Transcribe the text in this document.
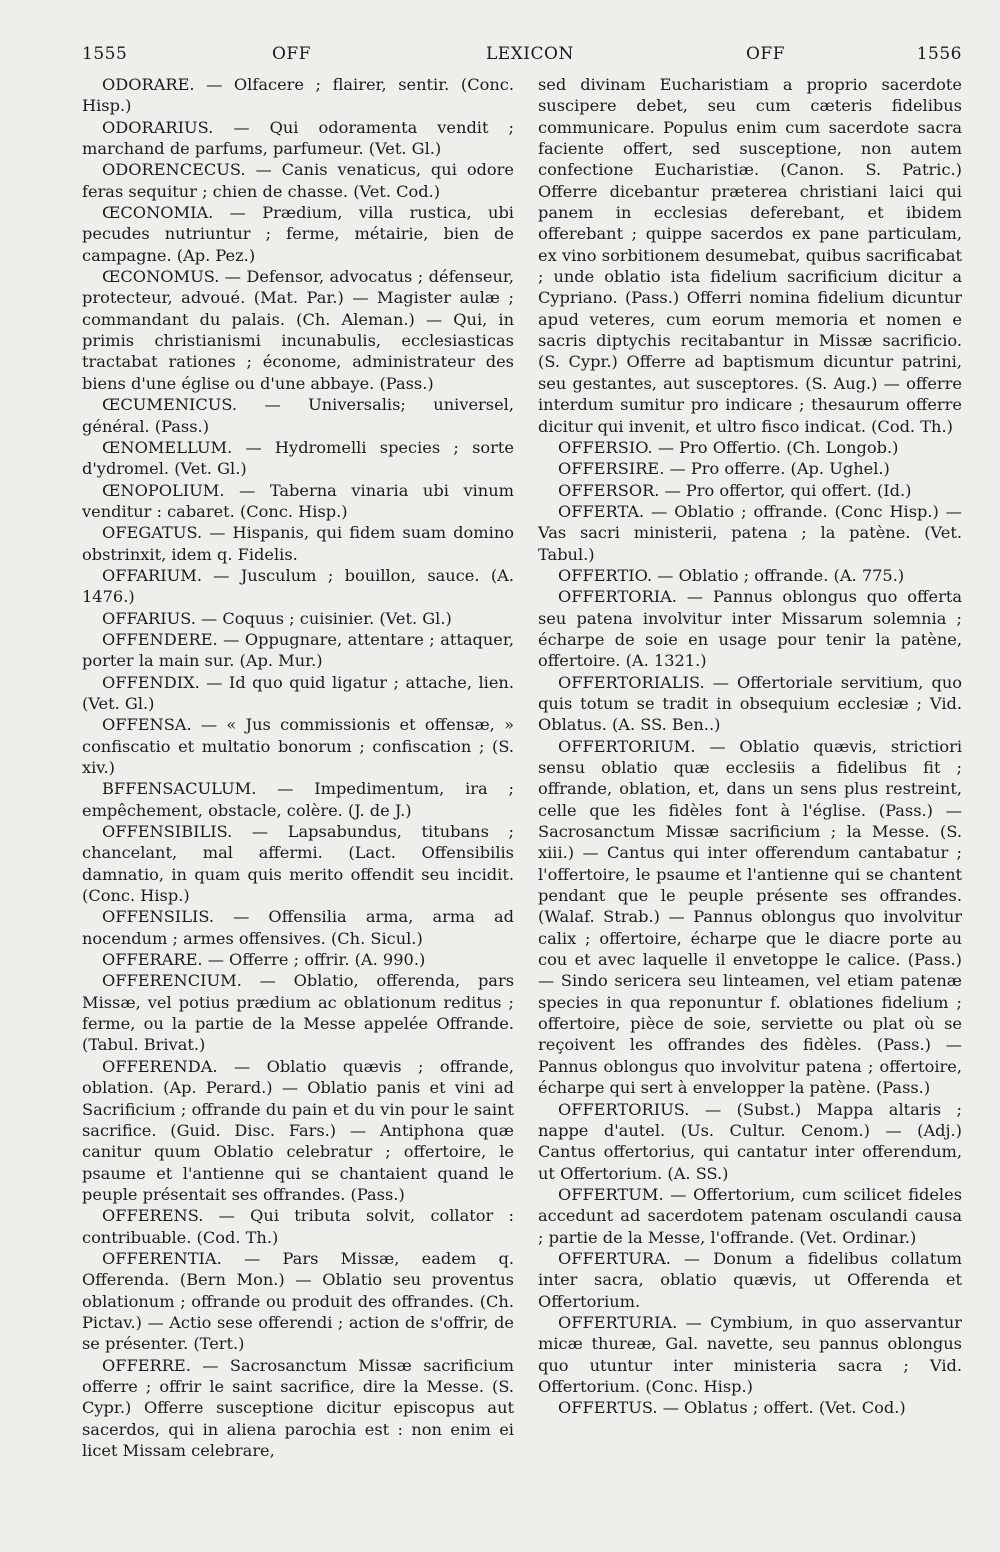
1555	OFF	LEXICON	OFF	1556

ODORARE. — Olfacere ; flairer, sentir. (Conc. Hisp.)

ODORARIUS. — Qui odoramenta vendit ; marchand de parfums, parfumeur. (Vet. Gl.)

ODORENCECUS. — Canis venaticus, qui odore feras sequitur ; chien de chasse. (Vet. Cod.)

ŒCONOMIA. — Prædium, villa rustica, ubi pecudes nutriuntur ; ferme, métairie, bien de campagne. (Ap. Pez.)

ŒCONOMUS. — Defensor, advocatus ; défenseur, protecteur, advoué. (Mat. Par.) — Magister aulæ ; commandant du palais. (Ch. Aleman.) — Qui, in primis christianismi incunabulis, ecclesiasticas tractabat rationes ; économe, administrateur des biens d'une église ou d'une abbaye. (Pass.)

ŒCUMENICUS. — Universalis; universel, général. (Pass.)

ŒNOMELLUM. — Hydromelli species ; sorte d'ydromel. (Vet. Gl.)

ŒNOPOLIUM. — Taberna vinaria ubi vinum venditur : cabaret. (Conc. Hisp.)

OFEGATUS. — Hispanis, qui fidem suam domino obstrinxit, idem q. Fidelis.

OFFARIUM. — Jusculum ; bouillon, sauce. (A. 1476.)

OFFARIUS. — Coquus ; cuisinier. (Vet. Gl.)

OFFENDERE. — Oppugnare, attentare ; attaquer, porter la main sur. (Ap. Mur.)

OFFENDIX. — Id quo quid ligatur ; attache, lien. (Vet. Gl.)

OFFENSA. — « Jus commissionis et offensæ, » confiscatio et multatio bonorum ; confiscation ; (S. xiv.)

BFFENSACULUM. — Impedimentum, ira ; empêchement, obstacle, colère. (J. de J.)

OFFENSIBILIS. — Lapsabundus, titubans ; chancelant, mal affermi. (Lact. Offensibilis damnatio, in quam quis merito offendit seu incidit. (Conc. Hisp.)

OFFENSILIS. — Offensilia arma, arma ad nocendum ; armes offensives. (Ch. Sicul.)

OFFERARE. — Offerre ; offrir. (A. 990.)

OFFERENCIUM. — Oblatio, offerenda, pars Missæ, vel potius prædium ac oblationum reditus ; ferme, ou la partie de la Messe appelée Offrande. (Tabul. Brivat.)

OFFERENDA. — Oblatio quævis ; offrande, oblation. (Ap. Perard.) — Oblatio panis et vini ad Sacrificium ; offrande du pain et du vin pour le saint sacrifice. (Guid. Disc. Fars.) — Antiphona quæ canitur quum Oblatio celebratur ; offertoire, le psaume et l'antienne qui se chantaient quand le peuple présentait ses offrandes. (Pass.)

OFFERENS. — Qui tributa solvit, collator : contribuable. (Cod. Th.)

OFFERENTIA. — Pars Missæ, eadem q. Offerenda. (Bern Mon.) — Oblatio seu proventus oblationum ; offrande ou produit des offrandes. (Ch. Pictav.) — Actio sese offerendi ; action de s'offrir, de se présenter. (Tert.)

OFFERRE. — Sacrosanctum Missæ sacrificium offerre ; offrir le saint sacrifice, dire la Messe. (S. Cypr.) Offerre susceptione dicitur episcopus aut sacerdos, qui in aliena parochia est : non enim ei licet Missam celebrare,

sed divinam Eucharistiam a proprio sacerdote suscipere debet, seu cum cæteris fidelibus communicare. Populus enim cum sacerdote sacra faciente offert, sed susceptione, non autem confectione Eucharistiæ. (Canon. S. Patric.) Offerre dicebantur præterea christiani laici qui panem in ecclesias deferebant, et ibidem offerebant ; quippe sacerdos ex pane particulam, ex vino sorbitionem desumebat, quibus sacrificabat ; unde oblatio ista fidelium sacrificium dicitur a Cypriano. (Pass.) Offerri nomina fidelium dicuntur apud veteres, cum eorum memoria et nomen e sacris diptychis recitabantur in Missæ sacrificio. (S. Cypr.) Offerre ad baptismum dicuntur patrini, seu gestantes, aut susceptores. (S. Aug.) — offerre interdum sumitur pro indicare ; thesaurum offerre dicitur qui invenit, et ultro fisco indicat. (Cod. Th.)

OFFERSIO. — Pro Offertio. (Ch. Longob.)

OFFERSIRE. — Pro offerre. (Ap. Ughel.)

OFFERSOR. — Pro offertor, qui offert. (Id.)

OFFERTA. — Oblatio ; offrande. (Conc Hisp.) — Vas sacri ministerii, patena ; la patène. (Vet. Tabul.)

OFFERTIO. — Oblatio ; offrande. (A. 775.)

OFFERTORIA. — Pannus oblongus quo offerta seu patena involvitur inter Missarum solemnia ; écharpe de soie en usage pour tenir la patène, offertoire. (A. 1321.)

OFFERTORIALIS. — Offertoriale servitium, quo quis totum se tradit in obsequium ecclesiæ ; Vid. Oblatus. (A. SS. Ben..)

OFFERTORIUM. — Oblatio quævis, strictiori sensu oblatio quæ ecclesiis a fidelibus fit ; offrande, oblation, et, dans un sens plus restreint, celle que les fidèles font à l'église. (Pass.) — Sacrosanctum Missæ sacrificium ; la Messe. (S. xiii.) — Cantus qui inter offerendum cantabatur ; l'offertoire, le psaume et l'antienne qui se chantent pendant que le peuple présente ses offrandes. (Walaf. Strab.) — Pannus oblongus quo involvitur calix ; offertoire, écharpe que le diacre porte au cou et avec laquelle il envetoppe le calice. (Pass.) — Sindo sericera seu linteamen, vel etiam patenæ species in qua reponuntur f. oblationes fidelium ; offertoire, pièce de soie, serviette ou plat où se reçoivent les offrandes des fidèles. (Pass.) — Pannus oblongus quo involvitur patena ; offertoire, écharpe qui sert à envelopper la patène. (Pass.)

OFFERTORIUS. — (Subst.) Mappa altaris ; nappe d'autel. (Us. Cultur. Cenom.) — (Adj.) Cantus offertorius, qui cantatur inter offerendum, ut Offertorium. (A. SS.)

OFFERTUM. — Offertorium, cum scilicet fideles accedunt ad sacerdotem patenam osculandi causa ; partie de la Messe, l'offrande. (Vet. Ordinar.)

OFFERTURA. — Donum a fidelibus collatum inter sacra, oblatio quævis, ut Offerenda et Offertorium.

OFFERTURIA. — Cymbium, in quo asservantur micæ thureæ, Gal. navette, seu pannus oblongus quo utuntur inter ministeria sacra ; Vid. Offertorium. (Conc. Hisp.)

OFFERTUS. — Oblatus ; offert. (Vet. Cod.)
